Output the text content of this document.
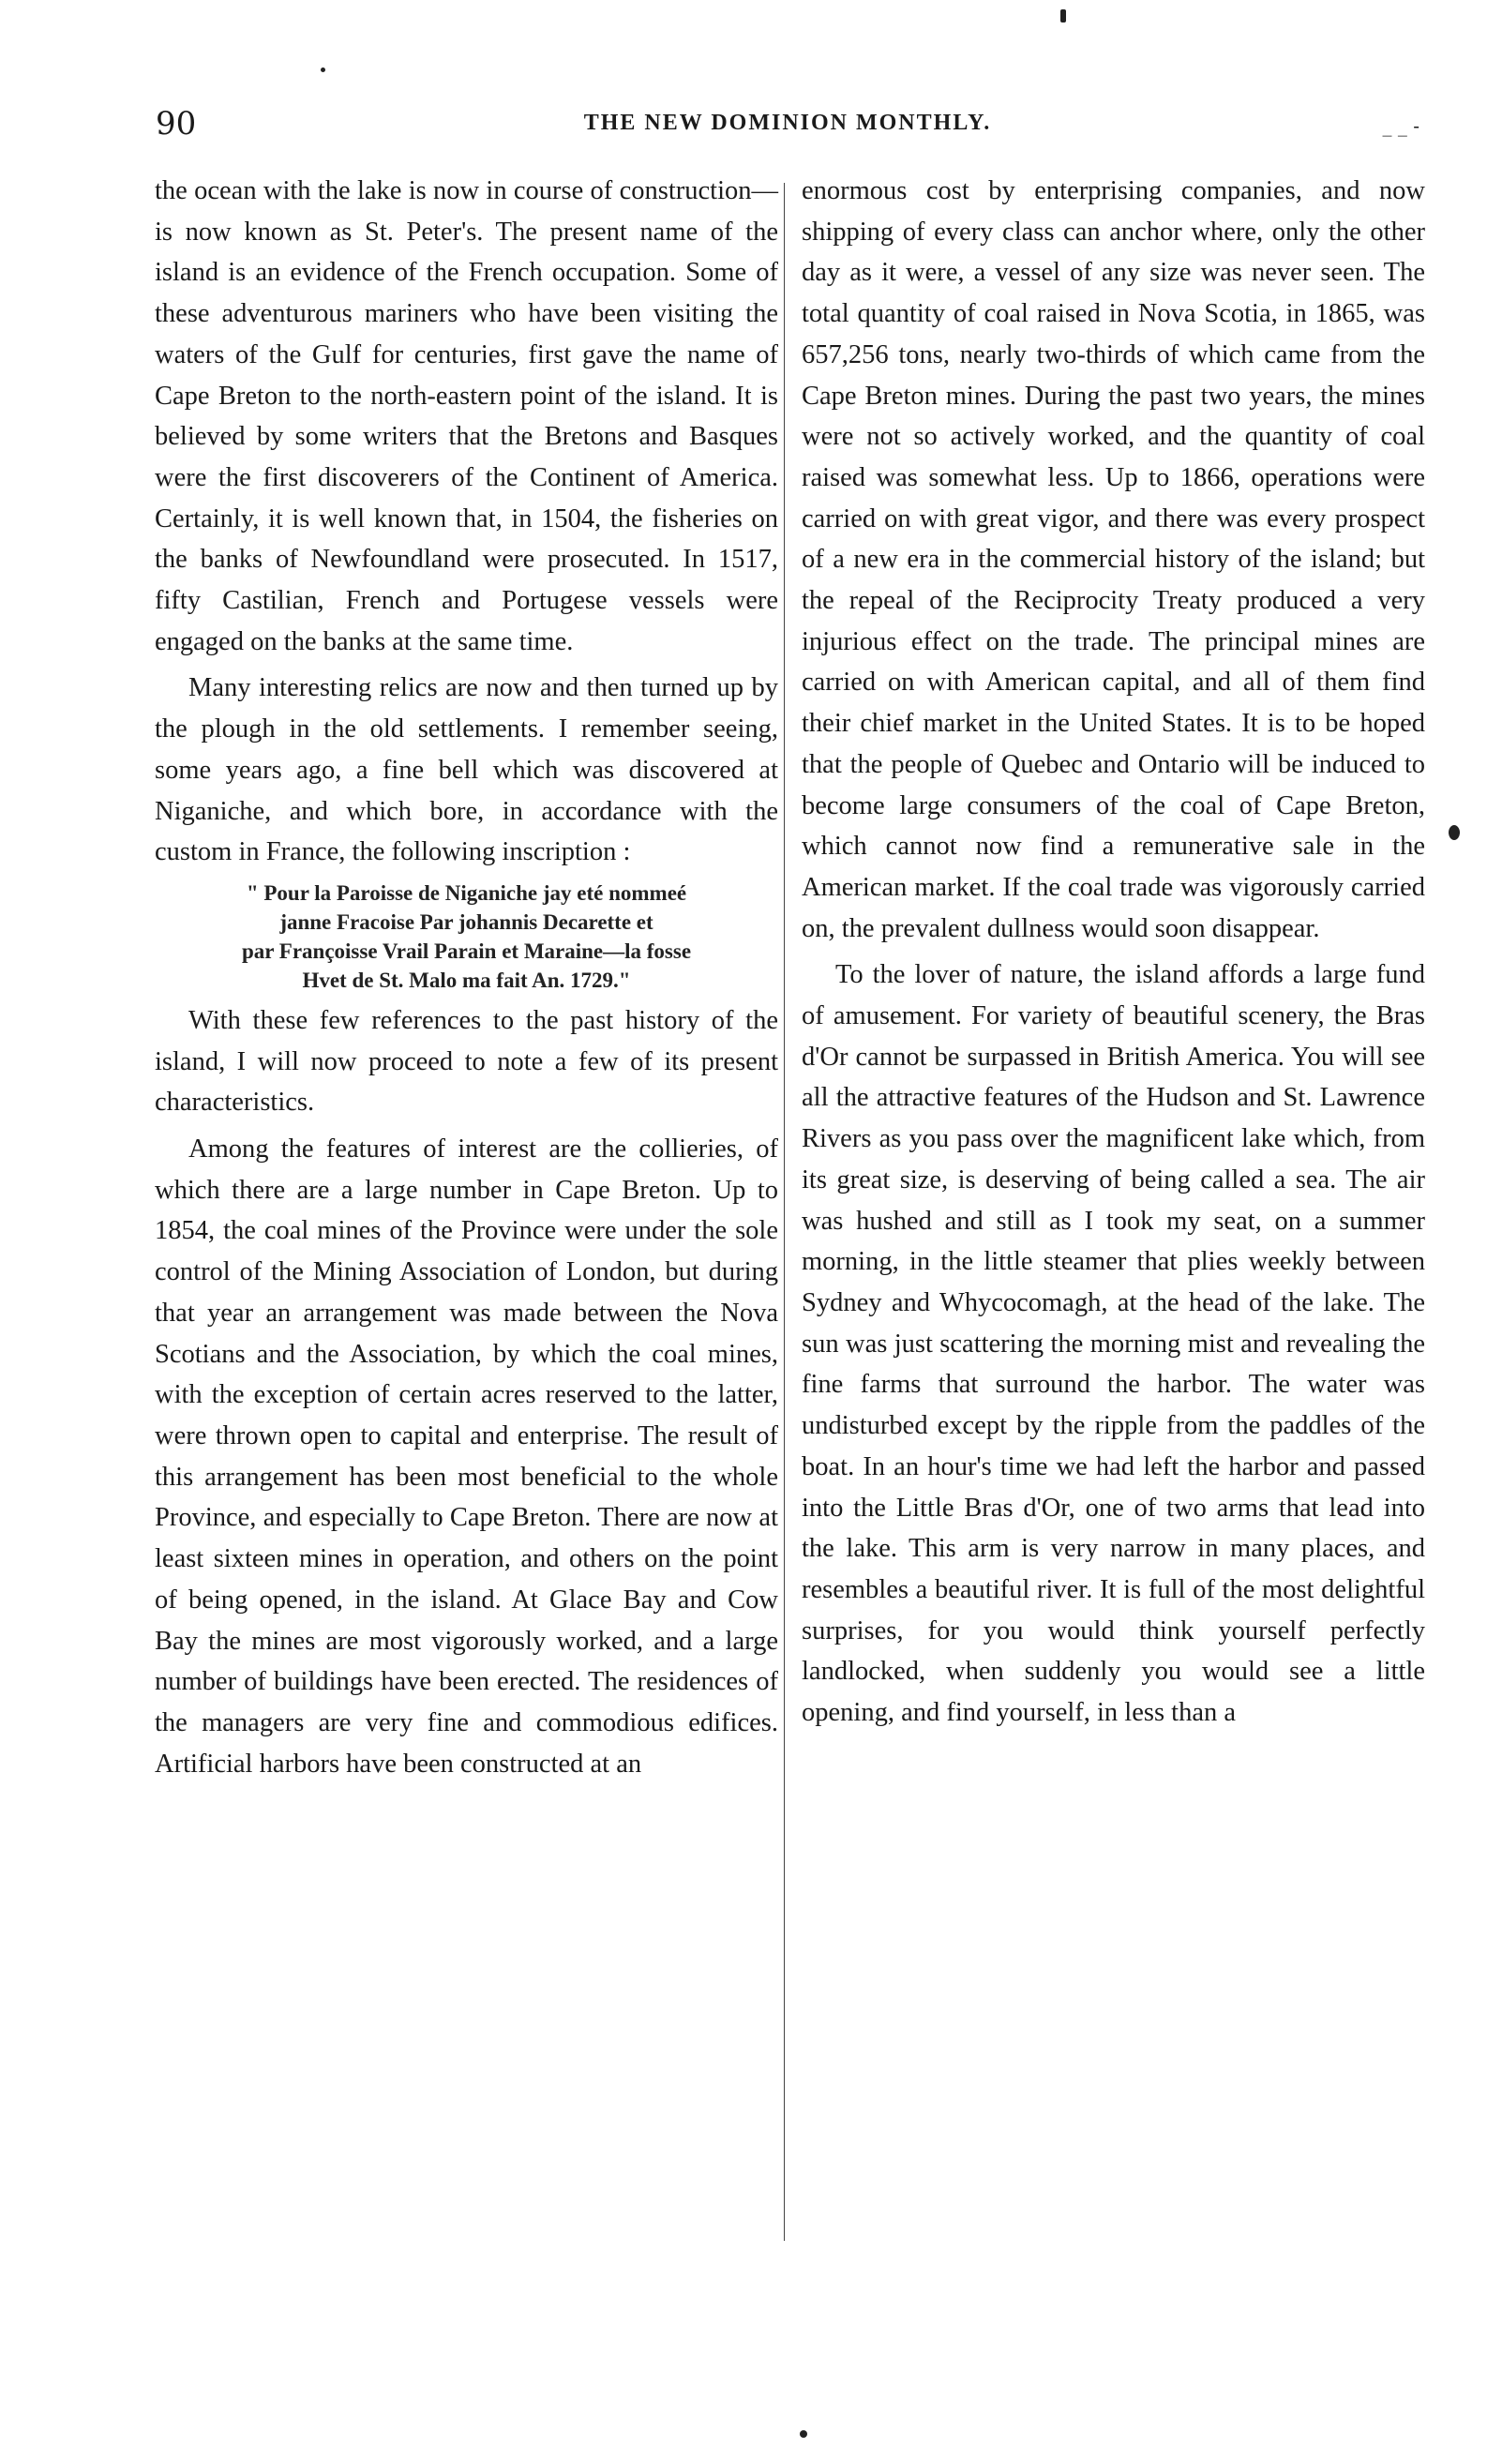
90	THE NEW DOMINION MONTHLY.	_ _ -

the ocean with the lake is now in course of construction—is now known as St. Peter's. The present name of the island is an evidence of the French occupation. Some of these adventurous mariners who have been visiting the waters of the Gulf for centuries, first gave the name of Cape Breton to the north-eastern point of the island. It is believed by some writers that the Bretons and Basques were the first discoverers of the Continent of America. Certainly, it is well known that, in 1504, the fisheries on the banks of Newfoundland were prosecuted. In 1517, fifty Castilian, French and Portugese vessels were engaged on the banks at the same time.

Many interesting relics are now and then turned up by the plough in the old settlements. I remember seeing, some years ago, a fine bell which was discovered at Niganiche, and which bore, in accordance with the custom in France, the following inscription :

" Pour la Paroisse de Niganiche jay eté nommeé
janne Fracoise Par johannis Decarette et
par Françoisse Vrail Parain et Maraine—la fosse
Hvet de St. Malo ma fait An. 1729."

With these few references to the past history of the island, I will now proceed to note a few of its present characteristics.

Among the features of interest are the collieries, of which there are a large number in Cape Breton. Up to 1854, the coal mines of the Province were under the sole control of the Mining Association of London, but during that year an arrangement was made between the Nova Scotians and the Association, by which the coal mines, with the exception of certain acres reserved to the latter, were thrown open to capital and enterprise. The result of this arrangement has been most beneficial to the whole Province, and especially to Cape Breton. There are now at least sixteen mines in operation, and others on the point of being opened, in the island. At Glace Bay and Cow Bay the mines are most vigorously worked, and a large number of buildings have been erected. The residences of the managers are very fine and commodious edifices. Artificial harbors have been constructed at an

enormous cost by enterprising companies, and now shipping of every class can anchor where, only the other day as it were, a vessel of any size was never seen. The total quantity of coal raised in Nova Scotia, in 1865, was 657,256 tons, nearly two-thirds of which came from the Cape Breton mines. During the past two years, the mines were not so actively worked, and the quantity of coal raised was somewhat less. Up to 1866, operations were carried on with great vigor, and there was every prospect of a new era in the commercial history of the island; but the repeal of the Reciprocity Treaty produced a very injurious effect on the trade. The principal mines are carried on with American capital, and all of them find their chief market in the United States. It is to be hoped that the people of Quebec and Ontario will be induced to become large consumers of the coal of Cape Breton, which cannot now find a remunerative sale in the American market. If the coal trade was vigorously carried on, the prevalent dullness would soon disappear.

To the lover of nature, the island affords a large fund of amusement. For variety of beautiful scenery, the Bras d'Or cannot be surpassed in British America. You will see all the attractive features of the Hudson and St. Lawrence Rivers as you pass over the magnificent lake which, from its great size, is deserving of being called a sea. The air was hushed and still as I took my seat, on a summer morning, in the little steamer that plies weekly between Sydney and Whycocomagh, at the head of the lake. The sun was just scattering the morning mist and revealing the fine farms that surround the harbor. The water was undisturbed except by the ripple from the paddles of the boat. In an hour's time we had left the harbor and passed into the Little Bras d'Or, one of two arms that lead into the lake. This arm is very narrow in many places, and resembles a beautiful river. It is full of the most delightful surprises, for you would think yourself perfectly landlocked, when suddenly you would see a little opening, and find yourself, in less than a
